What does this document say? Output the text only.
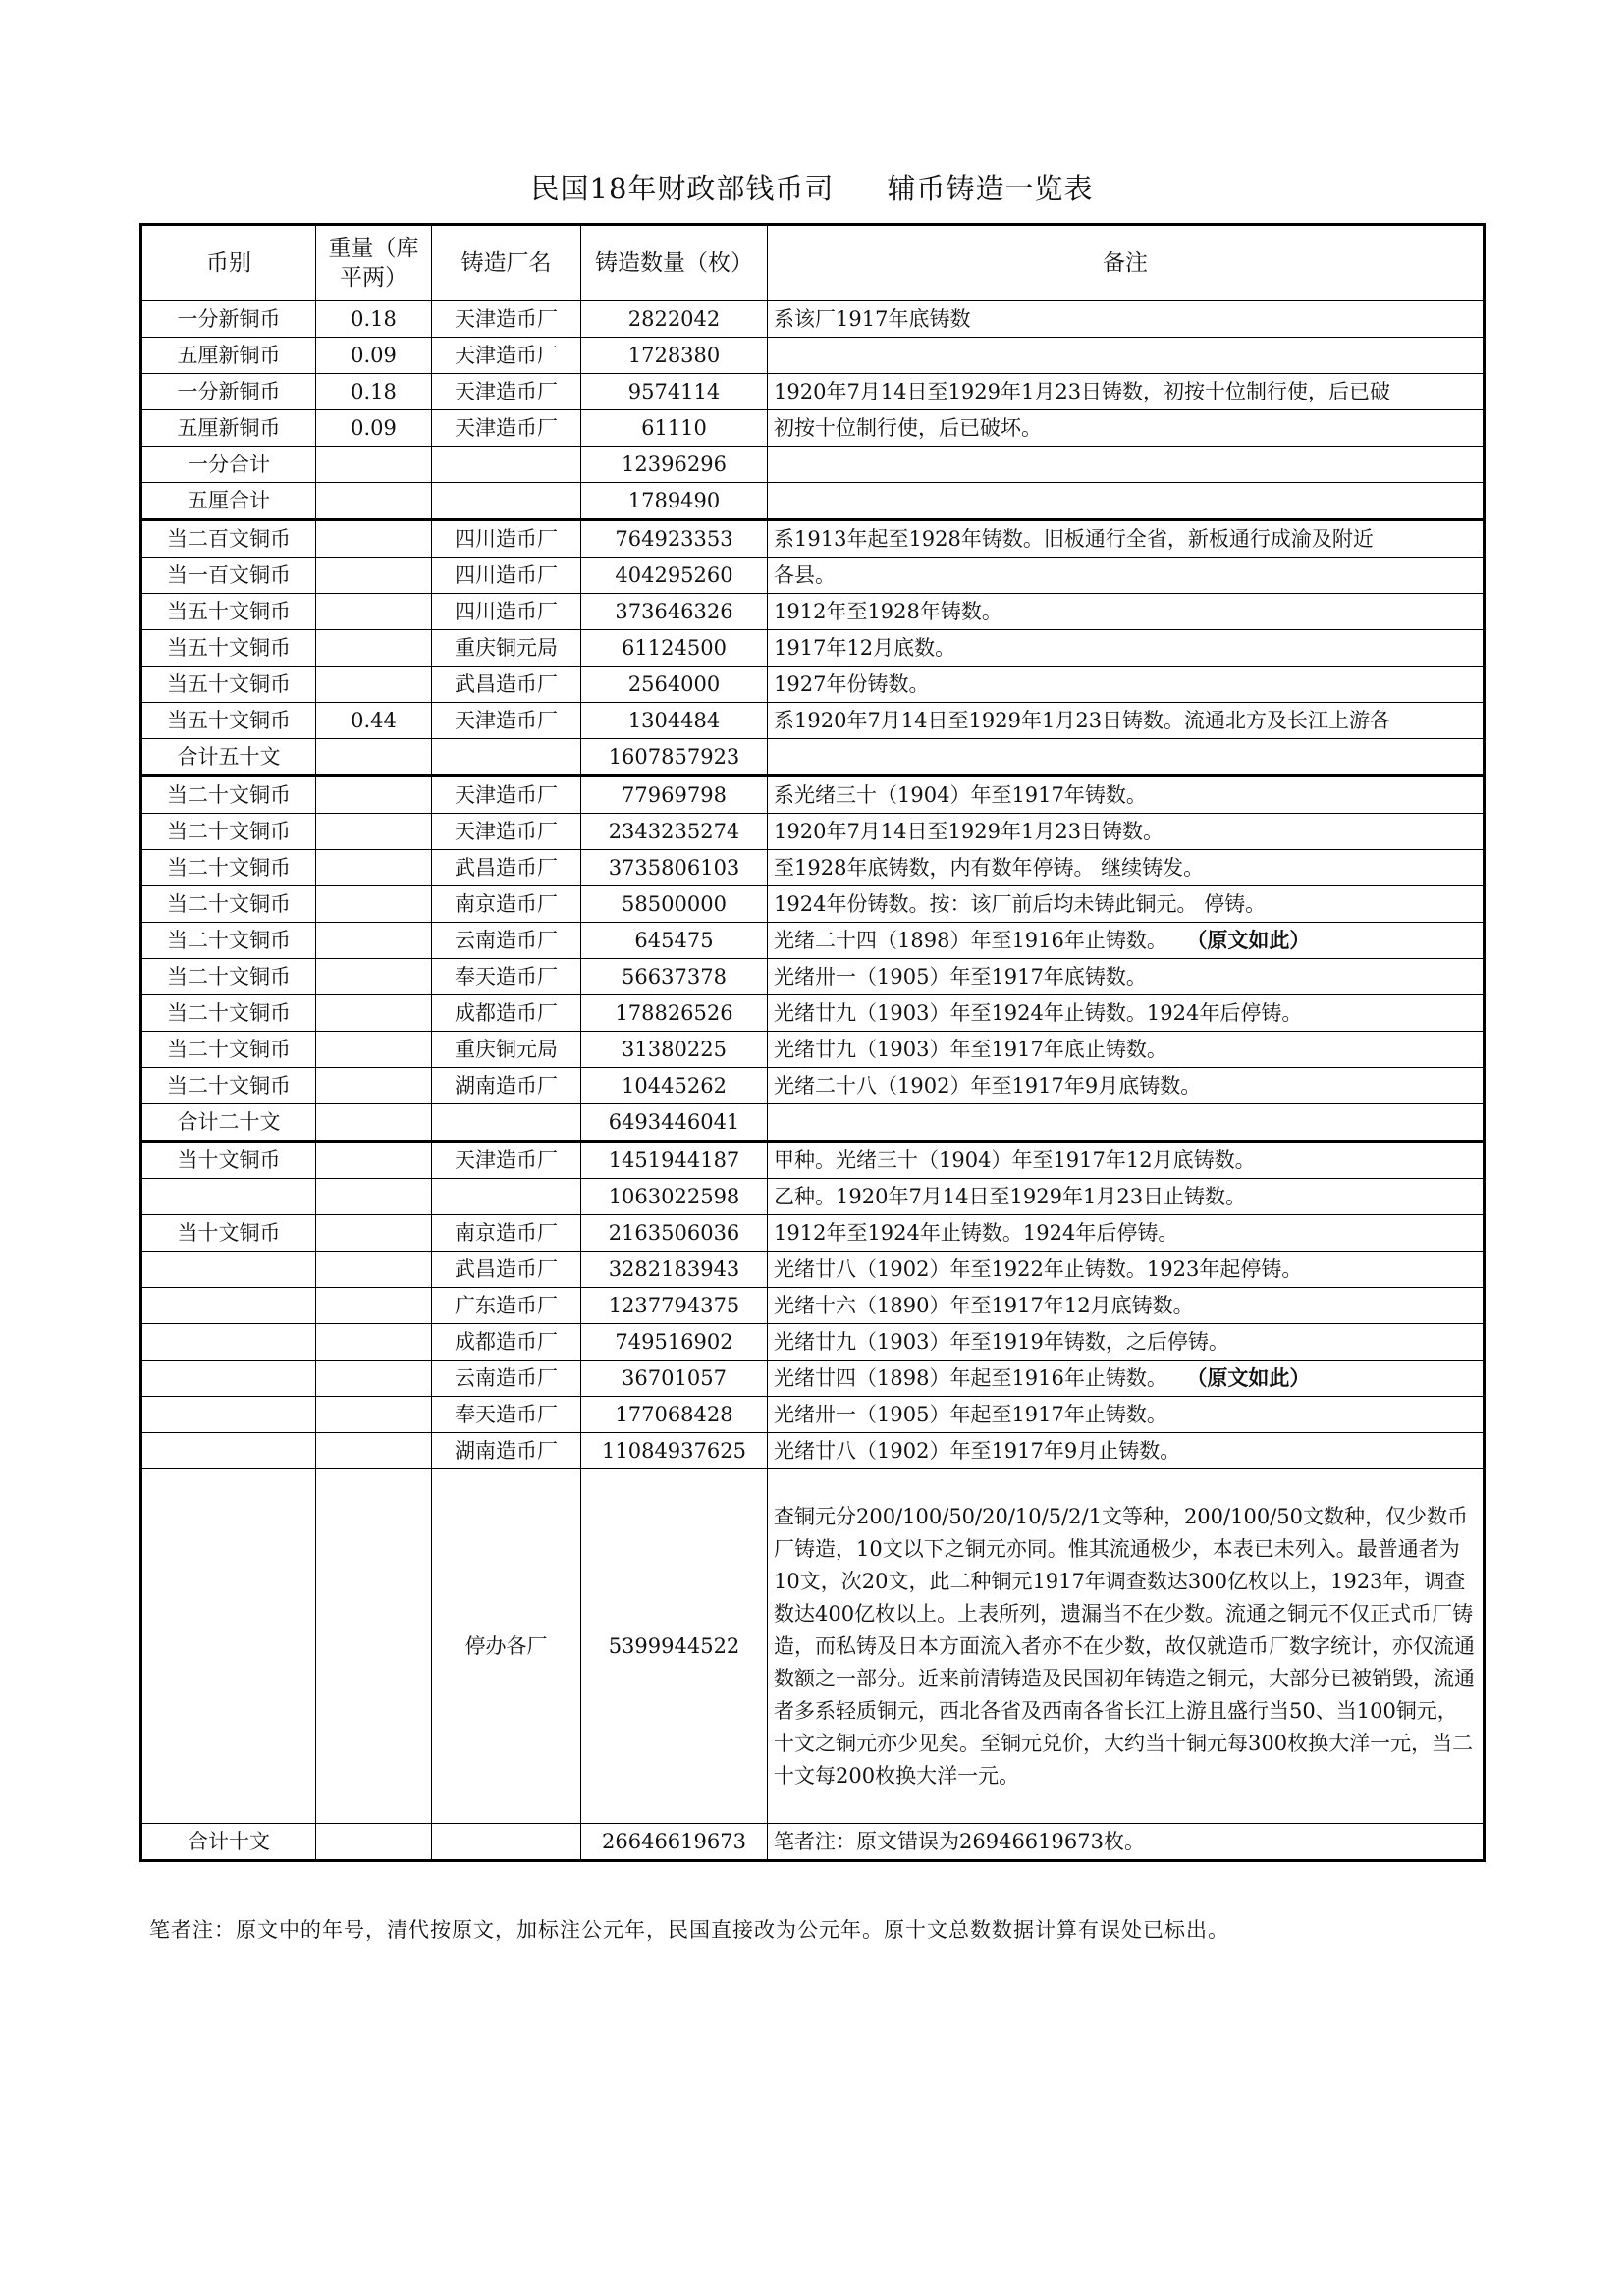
民国18年财政部钱币司 辅币铸造一览表
币别	重量（库平两）	铸造厂名	铸造数量（枚）	备注
一分新铜币	0.18	天津造币厂	2822042	系该厂1917年底铸数
五厘新铜币	0.09	天津造币厂	1728380	
一分新铜币	0.18	天津造币厂	9574114	1920年7月14日至1929年1月23日铸数，初按十位制行使，后已破
五厘新铜币	0.09	天津造币厂	61110	初按十位制行使，后已破坏。
一分合计			12396296	
五厘合计			1789490	
当二百文铜币		四川造币厂	764923353	系1913年起至1928年铸数。旧板通行全省，新板通行成渝及附近
当一百文铜币		四川造币厂	404295260	各县。
当五十文铜币		四川造币厂	373646326	1912年至1928年铸数。
当五十文铜币		重庆铜元局	61124500	1917年12月底数。
当五十文铜币		武昌造币厂	2564000	1927年份铸数。
当五十文铜币	0.44	天津造币厂	1304484	系1920年7月14日至1929年1月23日铸数。流通北方及长江上游各
合计五十文			1607857923	
当二十文铜币		天津造币厂	77969798	系光绪三十（1904）年至1917年铸数。
当二十文铜币		天津造币厂	2343235274	1920年7月14日至1929年1月23日铸数。
当二十文铜币		武昌造币厂	3735806103	至1928年底铸数，内有数年停铸。 继续铸发。
当二十文铜币		南京造币厂	58500000	1924年份铸数。按：该厂前后均未铸此铜元。 停铸。
当二十文铜币		云南造币厂	645475	光绪二十四（1898）年至1916年止铸数。 （原文如此）
当二十文铜币		奉天造币厂	56637378	光绪卅一（1905）年至1917年底铸数。
当二十文铜币		成都造币厂	178826526	光绪廿九（1903）年至1924年止铸数。1924年后停铸。
当二十文铜币		重庆铜元局	31380225	光绪廿九（1903）年至1917年底止铸数。
当二十文铜币		湖南造币厂	10445262	光绪二十八（1902）年至1917年9月底铸数。
合计二十文			6493446041	
当十文铜币		天津造币厂	1451944187	甲种。光绪三十（1904）年至1917年12月底铸数。
			1063022598	乙种。1920年7月14日至1929年1月23日止铸数。
当十文铜币		南京造币厂	2163506036	1912年至1924年止铸数。1924年后停铸。
		武昌造币厂	3282183943	光绪廿八（1902）年至1922年止铸数。1923年起停铸。
		广东造币厂	1237794375	光绪十六（1890）年至1917年12月底铸数。
		成都造币厂	749516902	光绪廿九（1903）年至1919年铸数，之后停铸。
		云南造币厂	36701057	光绪廿四（1898）年起至1916年止铸数。 （原文如此）
		奉天造币厂	177068428	光绪卅一（1905）年起至1917年止铸数。
		湖南造币厂	11084937625	光绪廿八（1902）年至1917年9月止铸数。
		停办各厂	5399944522	查铜元分200/100/50/20/10/5/2/1文等种，200/100/50文数种，仅少数币厂铸造，10文以下之铜元亦同。惟其流通极少，本表已未列入。最普通者为10文，次20文，此二种铜元1917年调查数达300亿枚以上，1923年，调查数达400亿枚以上。上表所列，遗漏当不在少数。流通之铜元不仅正式币厂铸造，而私铸及日本方面流入者亦不在少数，故仅就造币厂数字统计，亦仅流通数额之一部分。近来前清铸造及民国初年铸造之铜元，大部分已被销毁，流通者多系轻质铜元，西北各省及西南各省长江上游且盛行当50、当100铜元，十文之铜元亦少见矣。至铜元兑价，大约当十铜元每300枚换大洋一元，当二十文每200枚换大洋一元。
合计十文			26646619673	笔者注：原文错误为26946619673枚。
笔者注：原文中的年号，清代按原文，加标注公元年，民国直接改为公元年。原十文总数数据计算有误处已标出。
